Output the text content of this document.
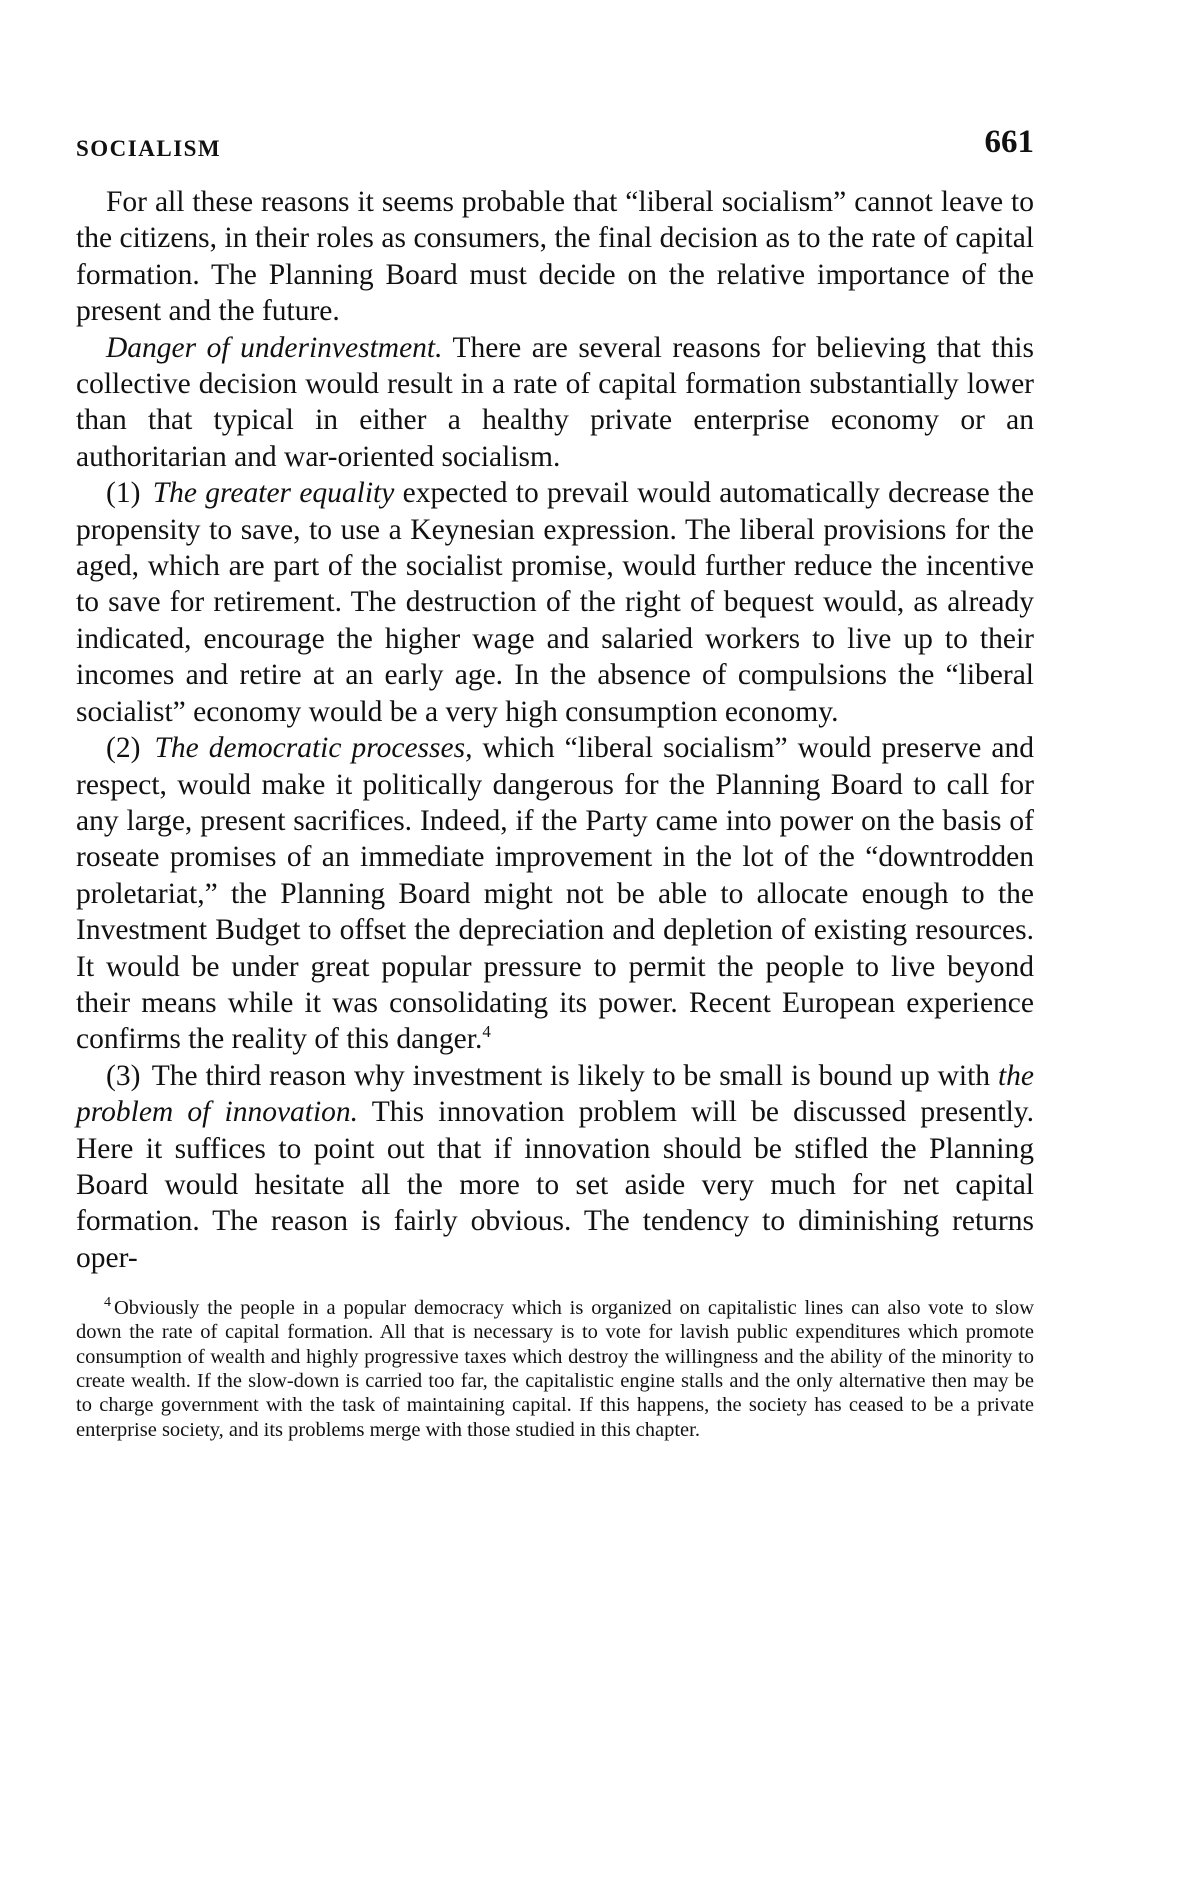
SOCIALISM	661

For all these reasons it seems probable that “liberal socialism” cannot leave to the citizens, in their roles as consumers, the final decision as to the rate of capital formation. The Planning Board must decide on the relative importance of the present and the future.

Danger of underinvestment. There are several reasons for believing that this collective decision would result in a rate of capital formation substantially lower than that typical in either a healthy private enterprise economy or an authoritarian and war-oriented socialism.

(1) The greater equality expected to prevail would automatically decrease the propensity to save, to use a Keynesian expression. The liberal provisions for the aged, which are part of the socialist promise, would further reduce the incentive to save for retirement. The destruction of the right of bequest would, as already indicated, encourage the higher wage and salaried workers to live up to their incomes and retire at an early age. In the absence of compulsions the “liberal socialist” economy would be a very high consumption economy.

(2) The democratic processes, which “liberal socialism” would preserve and respect, would make it politically dangerous for the Planning Board to call for any large, present sacrifices. Indeed, if the Party came into power on the basis of roseate promises of an immediate improvement in the lot of the “downtrodden proletariat,” the Planning Board might not be able to allocate enough to the Investment Budget to offset the depreciation and depletion of existing resources. It would be under great popular pressure to permit the people to live beyond their means while it was consolidating its power. Recent European experience confirms the reality of this danger.$^4$

(3) The third reason why investment is likely to be small is bound up with the problem of innovation. This innovation problem will be discussed presently. Here it suffices to point out that if innovation should be stifled the Planning Board would hesitate all the more to set aside very much for net capital formation. The reason is fairly obvious. The tendency to diminishing returns oper-

$^4$ Obviously the people in a popular democracy which is organized on capitalistic lines can also vote to slow down the rate of capital formation. All that is necessary is to vote for lavish public expenditures which promote consumption of wealth and highly progressive taxes which destroy the willingness and the ability of the minority to create wealth. If the slow-down is carried too far, the capitalistic engine stalls and the only alternative then may be to charge government with the task of maintaining capital. If this happens, the society has ceased to be a private enterprise society, and its problems merge with those studied in this chapter.
